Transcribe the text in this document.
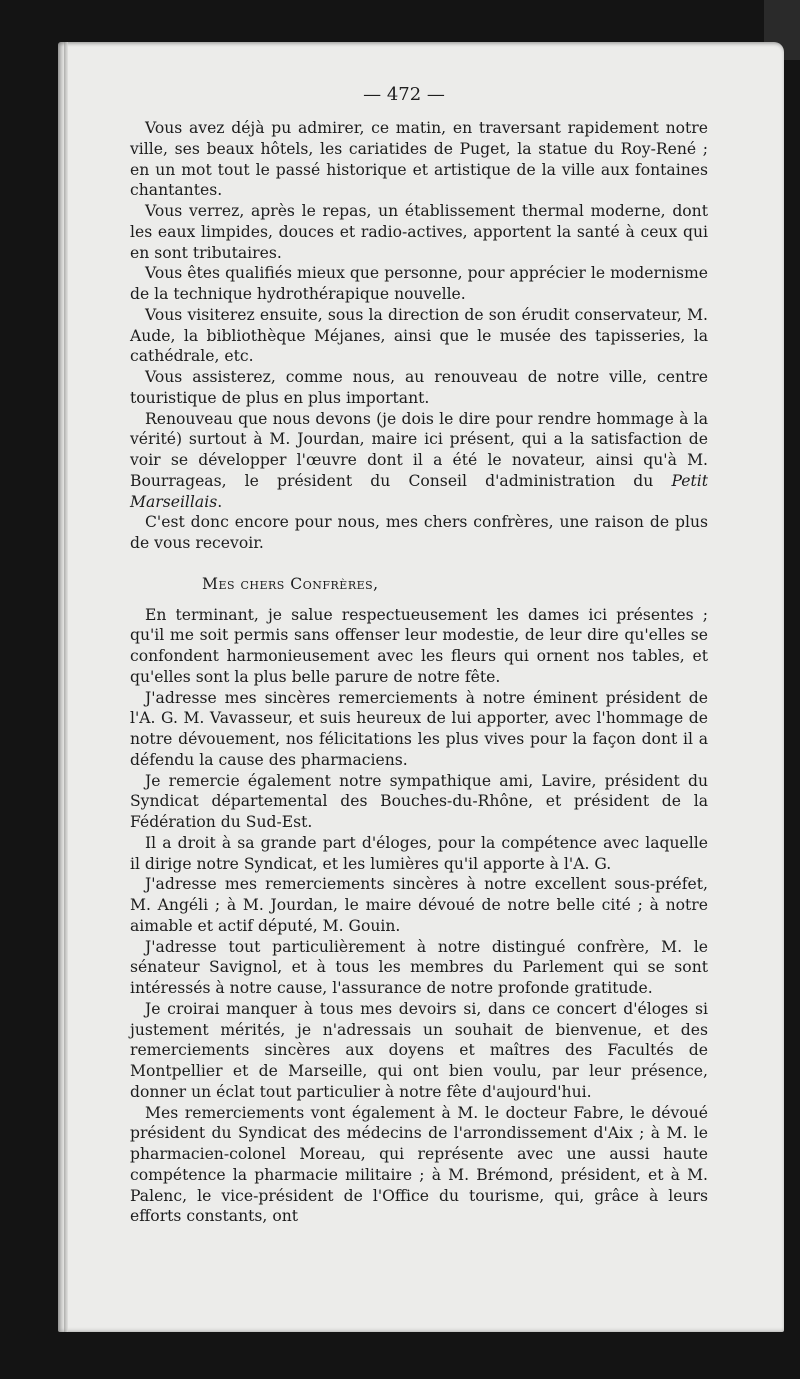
— 472 —

Vous avez déjà pu admirer, ce matin, en traversant rapidement notre ville, ses beaux hôtels, les cariatides de Puget, la statue du Roy-René ; en un mot tout le passé historique et artistique de la ville aux fontaines chantantes.

Vous verrez, après le repas, un établissement thermal moderne, dont les eaux limpides, douces et radio-actives, apportent la santé à ceux qui en sont tributaires.

Vous êtes qualifiés mieux que personne, pour apprécier le modernisme de la technique hydrothérapique nouvelle.

Vous visiterez ensuite, sous la direction de son érudit conservateur, M. Aude, la bibliothèque Méjanes, ainsi que le musée des tapisseries, la cathédrale, etc.

Vous assisterez, comme nous, au renouveau de notre ville, centre touristique de plus en plus important.

Renouveau que nous devons (je dois le dire pour rendre hommage à la vérité) surtout à M. Jourdan, maire ici présent, qui a la satisfaction de voir se développer l'œuvre dont il a été le novateur, ainsi qu'à M. Bourrageas, le président du Conseil d'administration du Petit Marseillais.

C'est donc encore pour nous, mes chers confrères, une raison de plus de vous recevoir.

Mes chers Confrères,

En terminant, je salue respectueusement les dames ici présentes ; qu'il me soit permis sans offenser leur modestie, de leur dire qu'elles se confondent harmonieusement avec les fleurs qui ornent nos tables, et qu'elles sont la plus belle parure de notre fête.

J'adresse mes sincères remerciements à notre éminent président de l'A. G. M. Vavasseur, et suis heureux de lui apporter, avec l'hommage de notre dévouement, nos félicitations les plus vives pour la façon dont il a défendu la cause des pharmaciens.

Je remercie également notre sympathique ami, Lavire, président du Syndicat départemental des Bouches-du-Rhône, et président de la Fédération du Sud-Est.

Il a droit à sa grande part d'éloges, pour la compétence avec laquelle il dirige notre Syndicat, et les lumières qu'il apporte à l'A. G.

J'adresse mes remerciements sincères à notre excellent sous-préfet, M. Angéli ; à M. Jourdan, le maire dévoué de notre belle cité ; à notre aimable et actif député, M. Gouin.

J'adresse tout particulièrement à notre distingué confrère, M. le sénateur Savignol, et à tous les membres du Parlement qui se sont intéressés à notre cause, l'assurance de notre profonde gratitude.

Je croirai manquer à tous mes devoirs si, dans ce concert d'éloges si justement mérités, je n'adressais un souhait de bienvenue, et des remerciements sincères aux doyens et maîtres des Facultés de Montpellier et de Marseille, qui ont bien voulu, par leur présence, donner un éclat tout particulier à notre fête d'aujourd'hui.

Mes remerciements vont également à M. le docteur Fabre, le dévoué président du Syndicat des médecins de l'arrondissement d'Aix ; à M. le pharmacien-colonel Moreau, qui représente avec une aussi haute compétence la pharmacie militaire ; à M. Brémond, président, et à M. Palenc, le vice-président de l'Office du tourisme, qui, grâce à leurs efforts constants, ont
